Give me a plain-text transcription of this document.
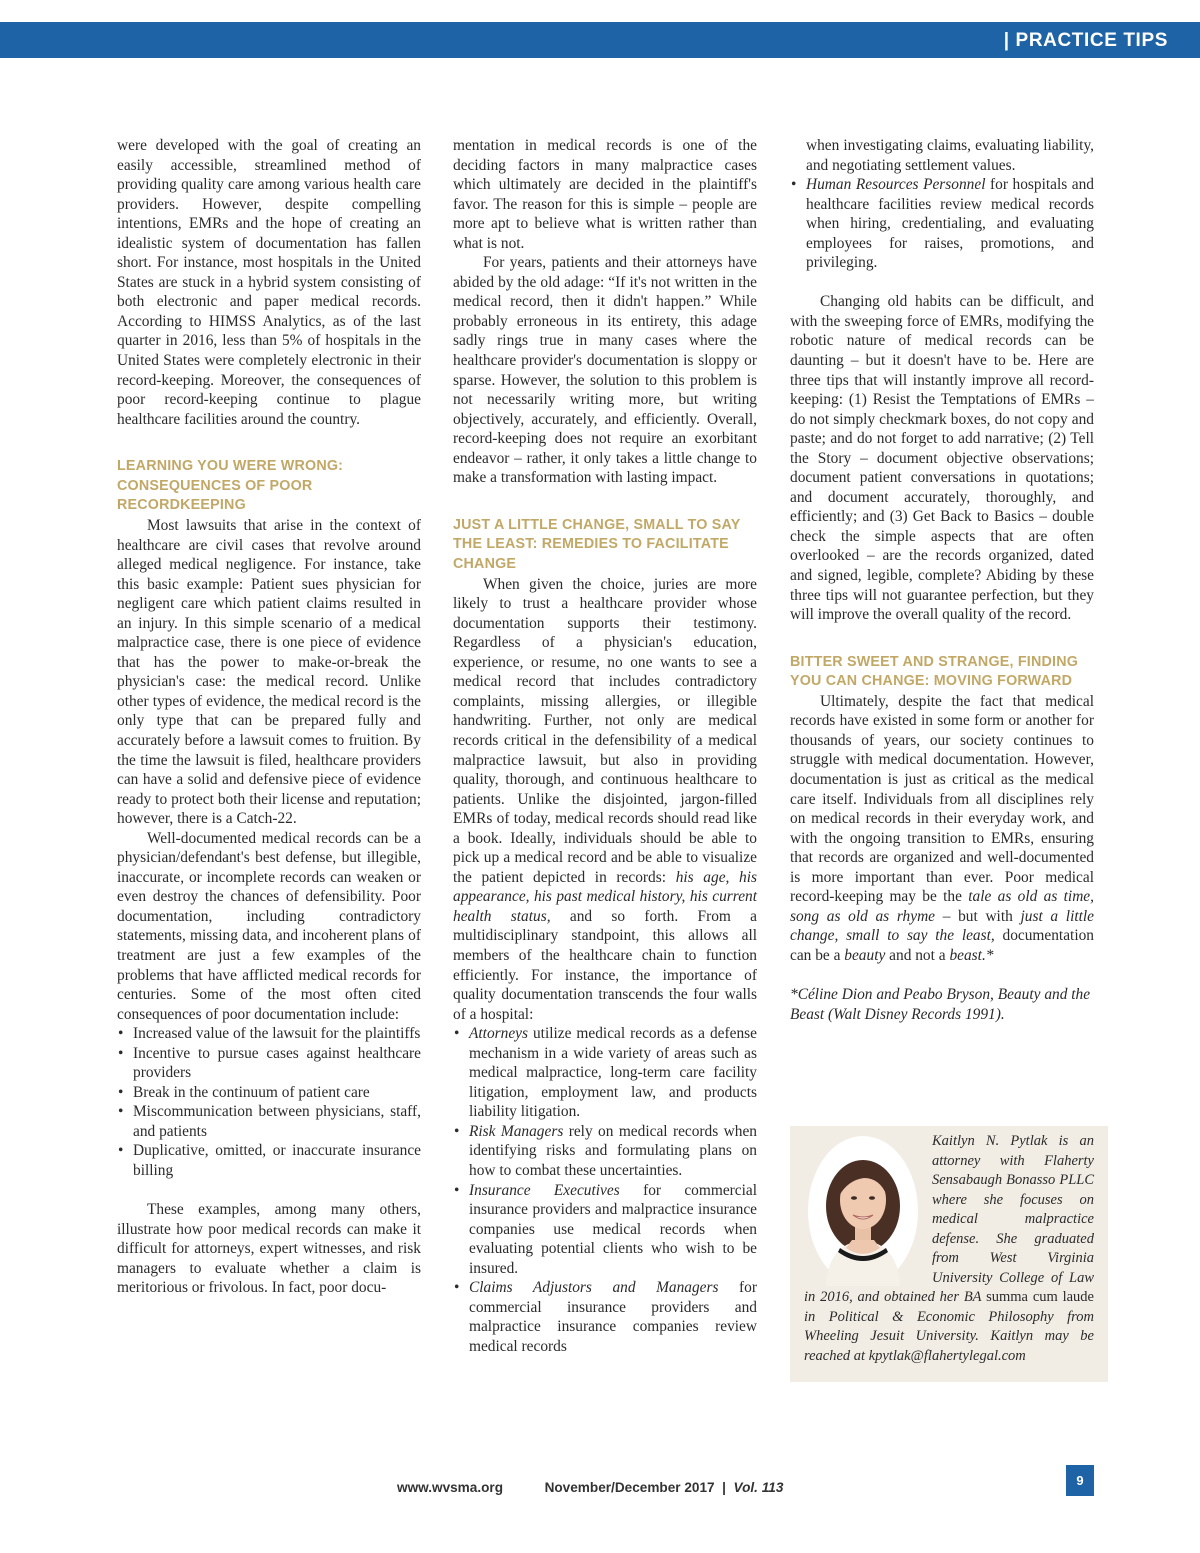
| PRACTICE TIPS

were developed with the goal of creating an easily accessible, streamlined method of providing quality care among various health care providers. However, despite compelling intentions, EMRs and the hope of creating an idealistic system of documentation has fallen short. For instance, most hospitals in the United States are stuck in a hybrid system consisting of both electronic and paper medical records. According to HIMSS Analytics, as of the last quarter in 2016, less than 5% of hospitals in the United States were completely electronic in their record-keeping. Moreover, the consequences of poor record-keeping continue to plague healthcare facilities around the country.

LEARNING YOU WERE WRONG: CONSEQUENCES OF POOR RECORDKEEPING

Most lawsuits that arise in the context of healthcare are civil cases that revolve around alleged medical negligence. For instance, take this basic example: Patient sues physician for negligent care which patient claims resulted in an injury. In this simple scenario of a medical malpractice case, there is one piece of evidence that has the power to make-or-break the physician's case: the medical record. Unlike other types of evidence, the medical record is the only type that can be prepared fully and accurately before a lawsuit comes to fruition. By the time the lawsuit is filed, healthcare providers can have a solid and defensive piece of evidence ready to protect both their license and reputation; however, there is a Catch-22.

Well-documented medical records can be a physician/defendant's best defense, but illegible, inaccurate, or incomplete records can weaken or even destroy the chances of defensibility. Poor documentation, including contradictory statements, missing data, and incoherent plans of treatment are just a few examples of the problems that have afflicted medical records for centuries. Some of the most often cited consequences of poor documentation include:

• Increased value of the lawsuit for the plaintiffs
• Incentive to pursue cases against healthcare providers
• Break in the continuum of patient care
• Miscommunication between physicians, staff, and patients
• Duplicative, omitted, or inaccurate insurance billing

These examples, among many others, illustrate how poor medical records can make it difficult for attorneys, expert witnesses, and risk managers to evaluate whether a claim is meritorious or frivolous. In fact, poor docu-

mentation in medical records is one of the deciding factors in many malpractice cases which ultimately are decided in the plaintiff's favor. The reason for this is simple – people are more apt to believe what is written rather than what is not.

For years, patients and their attorneys have abided by the old adage: “If it's not written in the medical record, then it didn't happen.” While probably erroneous in its entirety, this adage sadly rings true in many cases where the healthcare provider's documentation is sloppy or sparse. However, the solution to this problem is not necessarily writing more, but writing objectively, accurately, and efficiently. Overall, record-keeping does not require an exorbitant endeavor – rather, it only takes a little change to make a transformation with lasting impact.

JUST A LITTLE CHANGE, SMALL TO SAY THE LEAST: REMEDIES TO FACILITATE CHANGE

When given the choice, juries are more likely to trust a healthcare provider whose documentation supports their testimony. Regardless of a physician's education, experience, or resume, no one wants to see a medical record that includes contradictory complaints, missing allergies, or illegible handwriting. Further, not only are medical records critical in the defensibility of a medical malpractice lawsuit, but also in providing quality, thorough, and continuous healthcare to patients. Unlike the disjointed, jargon-filled EMRs of today, medical records should read like a book. Ideally, individuals should be able to pick up a medical record and be able to visualize the patient depicted in records: his age, his appearance, his past medical history, his current health status, and so forth. From a multidisciplinary standpoint, this allows all members of the healthcare chain to function efficiently. For instance, the importance of quality documentation transcends the four walls of a hospital:

• Attorneys utilize medical records as a defense mechanism in a wide variety of areas such as medical malpractice, long-term care facility litigation, employment law, and products liability litigation.
• Risk Managers rely on medical records when identifying risks and formulating plans on how to combat these uncertainties.
• Insurance Executives for commercial insurance providers and malpractice insurance companies use medical records when evaluating potential clients who wish to be insured.
• Claims Adjustors and Managers for commercial insurance providers and malpractice insurance companies review medical records

when investigating claims, evaluating liability, and negotiating settlement values.

• Human Resources Personnel for hospitals and healthcare facilities review medical records when hiring, credentialing, and evaluating employees for raises, promotions, and privileging.

Changing old habits can be difficult, and with the sweeping force of EMRs, modifying the robotic nature of medical records can be daunting – but it doesn't have to be. Here are three tips that will instantly improve all record-keeping: (1) Resist the Temptations of EMRs – do not simply checkmark boxes, do not copy and paste; and do not forget to add narrative; (2) Tell the Story – document objective observations; document patient conversations in quotations; and document accurately, thoroughly, and efficiently; and (3) Get Back to Basics – double check the simple aspects that are often overlooked – are the records organized, dated and signed, legible, complete? Abiding by these three tips will not guarantee perfection, but they will improve the overall quality of the record.

BITTER SWEET AND STRANGE, FINDING YOU CAN CHANGE: MOVING FORWARD

Ultimately, despite the fact that medical records have existed in some form or another for thousands of years, our society continues to struggle with medical documentation. However, documentation is just as critical as the medical care itself. Individuals from all disciplines rely on medical records in their everyday work, and with the ongoing transition to EMRs, ensuring that records are organized and well-documented is more important than ever. Poor medical record-keeping may be the tale as old as time, song as old as rhyme – but with just a little change, small to say the least, documentation can be a beauty and not a beast.*

*Céline Dion and Peabo Bryson, Beauty and the Beast (Walt Disney Records 1991).

Kaitlyn N. Pytlak is an attorney with Flaherty Sensabaugh Bonasso PLLC where she focuses on medical malpractice defense. She graduated from West Virginia University College of Law in 2016, and obtained her BA summa cum laude in Political & Economic Philosophy from Wheeling Jesuit University. Kaitlyn may be reached at kpytlak@flahertylegal.com
www.wvsma.org	November/December 2017 | Vol. 113	9
